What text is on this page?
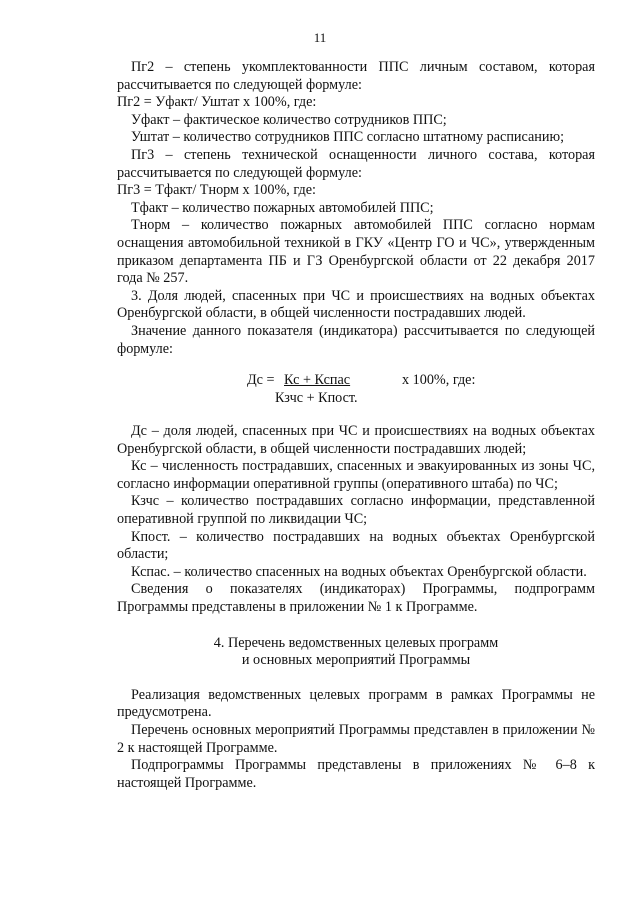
11

Пг2 – степень укомплектованности ППС личным составом, которая рассчитывается по следующей формуле:

Пг2 = Уфакт/ Уштат х 100%, где:

Уфакт – фактическое количество сотрудников ППС;

Уштат – количество сотрудников ППС согласно штатному расписанию;

Пг3 – степень технической оснащенности личного состава, которая рассчитывается по следующей формуле:

Пг3 = Тфакт/ Тнорм х 100%, где:

Тфакт – количество пожарных автомобилей ППС;

Тнорм – количество пожарных автомобилей ППС согласно нормам оснащения автомобильной техникой в ГКУ «Центр ГО и ЧС», утвержденным приказом департамента ПБ и ГЗ Оренбургской области от 22 декабря 2017 года № 257.

3. Доля людей, спасенных при ЧС и происшествиях на водных объектах Оренбургской области, в общей численности пострадавших людей.

Значение данного показателя (индикатора) рассчитывается по следующей формуле:

Дс = Кс + Кспас	х 100%, где:
Кзчс + Кпост.

Дс – доля людей, спасенных при ЧС и происшествиях на водных объектах Оренбургской области, в общей численности пострадавших людей;

Кс – численность пострадавших, спасенных и эвакуированных из зоны ЧС, согласно информации оперативной группы (оперативного штаба) по ЧС;

Кзчс – количество пострадавших согласно информации, представленной оперативной группой по ликвидации ЧС;

Кпост. – количество пострадавших на водных объектах Оренбургской области;

Кспас. – количество спасенных на водных объектах Оренбургской области.

Сведения о показателях (индикаторах) Программы, подпрограмм Программы представлены в приложении № 1 к Программе.

4. Перечень ведомственных целевых программ
и основных мероприятий Программы

Реализация ведомственных целевых программ в рамках Программы не предусмотрена.

Перечень основных мероприятий Программы представлен в приложении № 2 к настоящей Программе.

Подпрограммы Программы представлены в приложениях № 6–8 к настоящей Программе.
